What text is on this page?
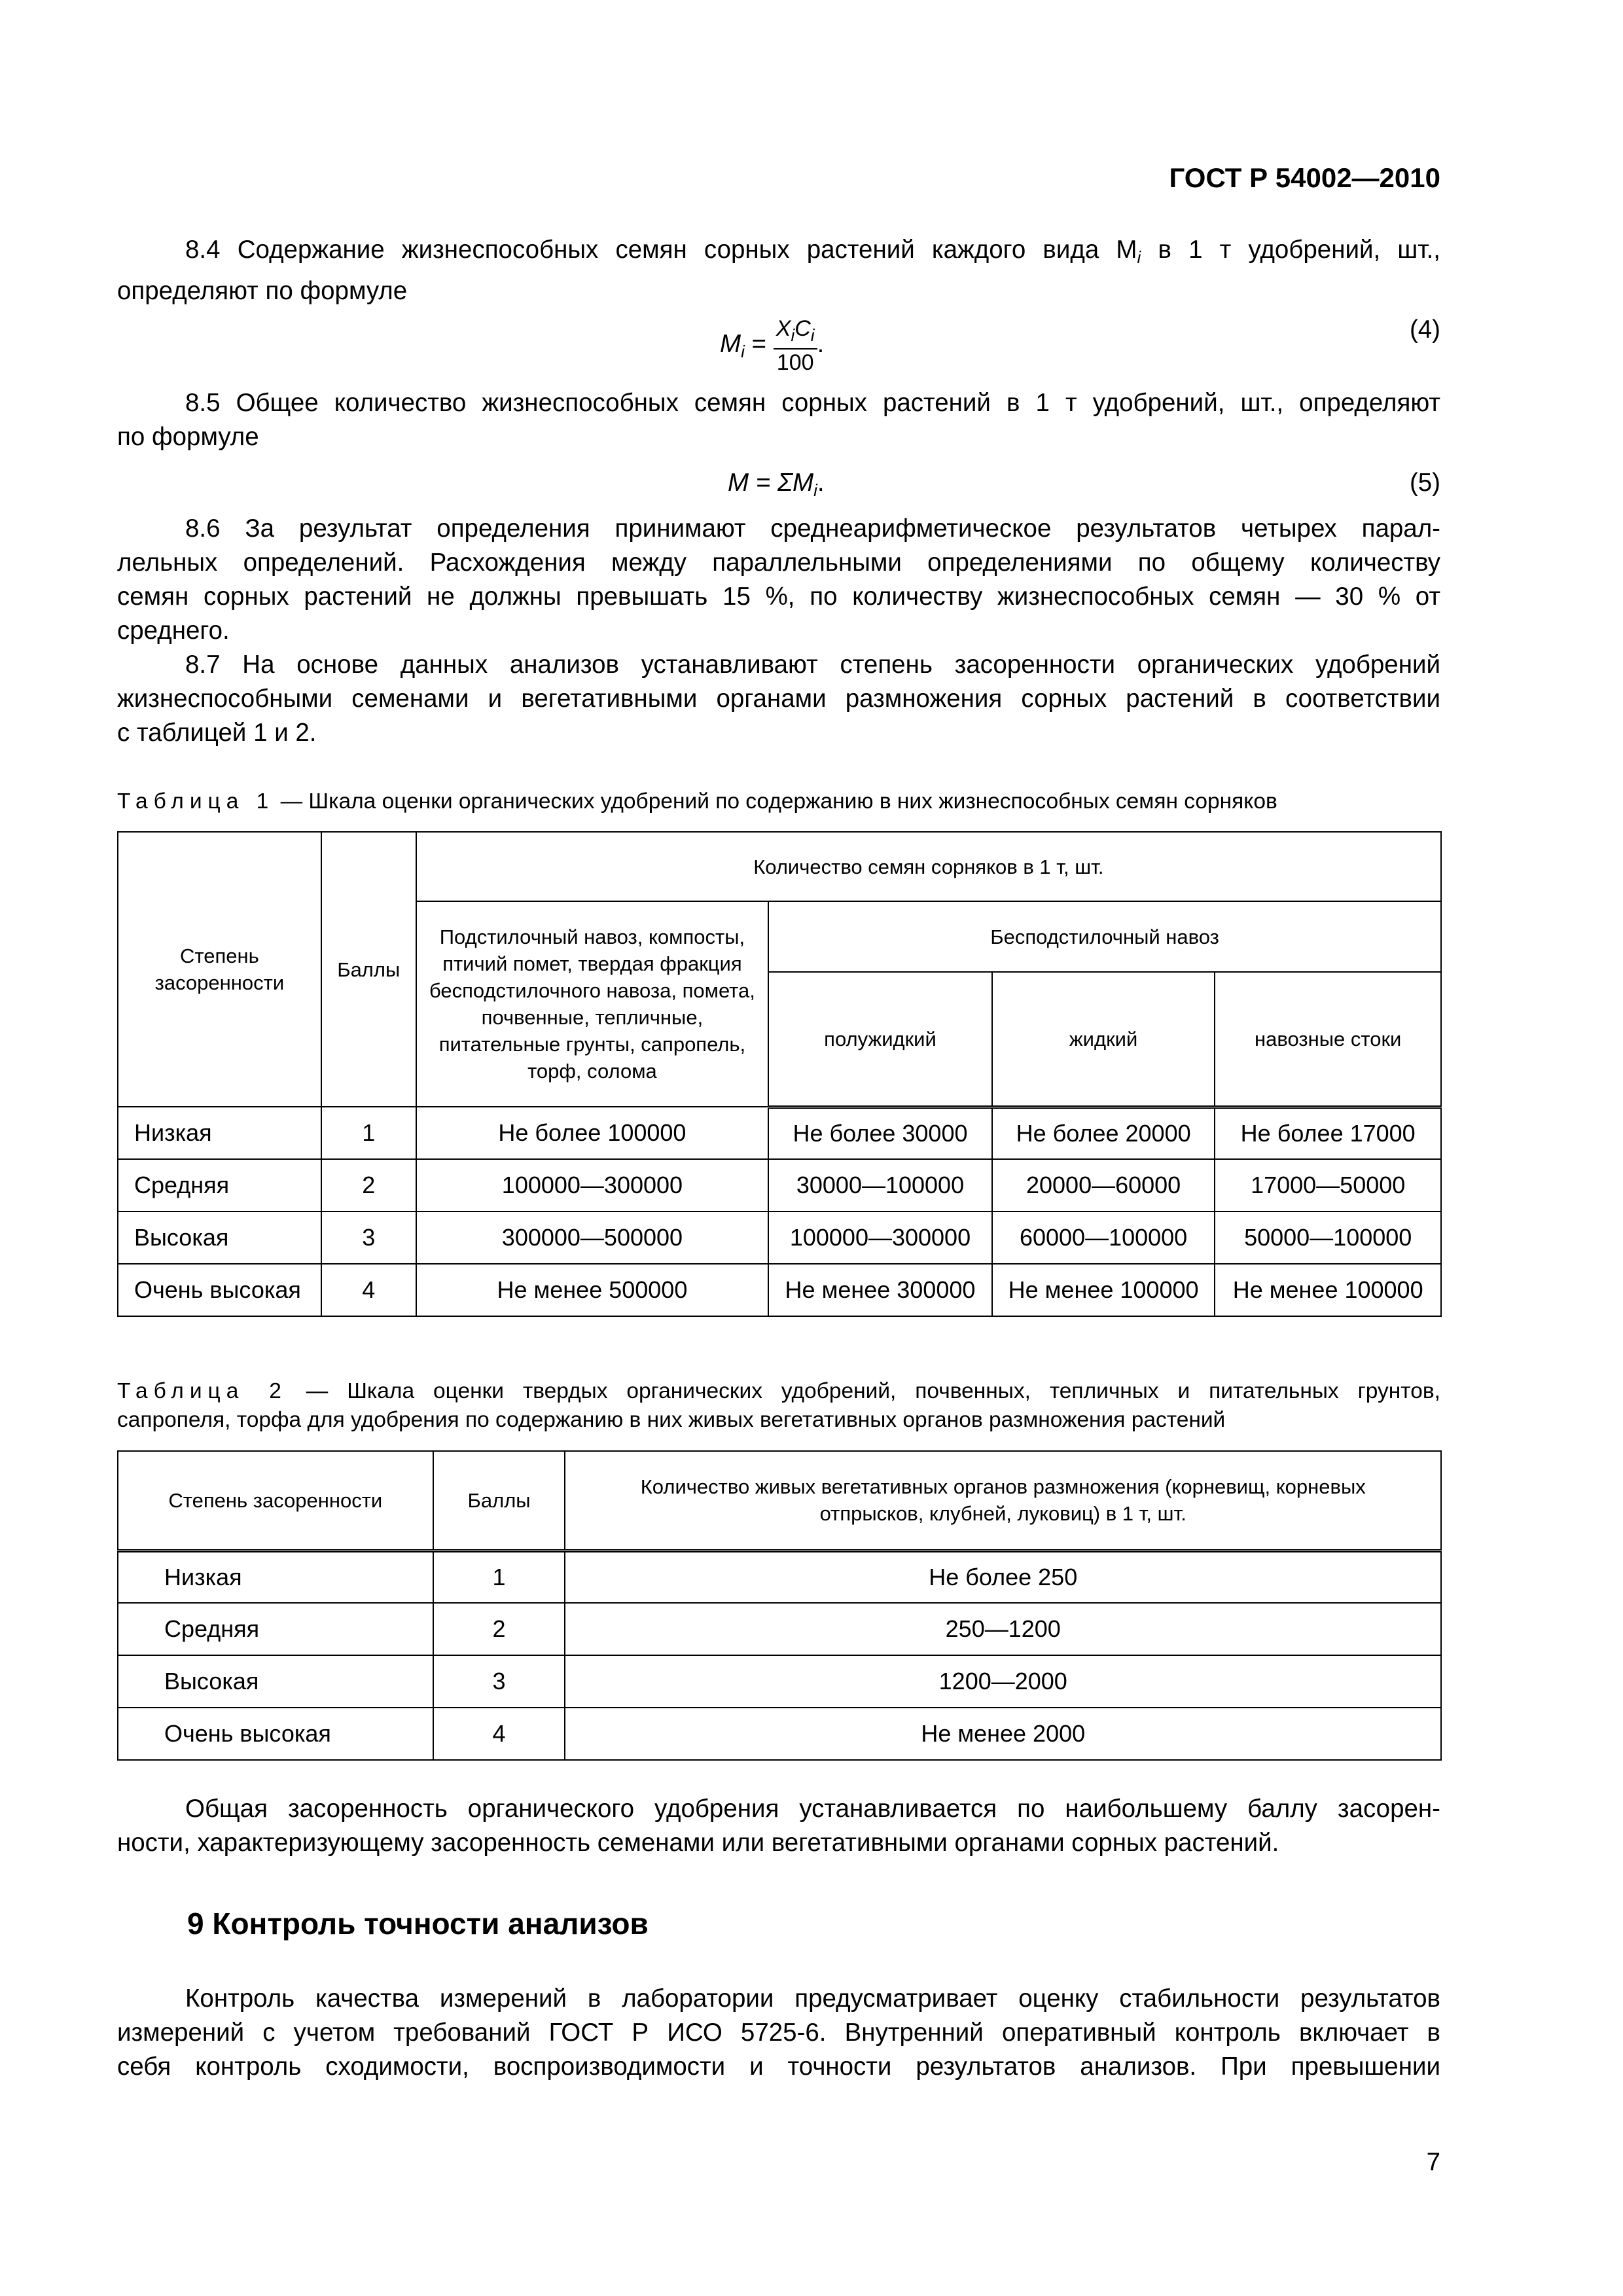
ГОСТ Р 54002—2010
8.4 Содержание жизнеспособных семян сорных растений каждого вида $M_i$ в 1 т удобрений, шт.,
определяют по формуле
$M_i = \frac{X_iC_i}{100}$ .
(4)
8.5 Общее количество жизнеспособных семян сорных растений в 1 т удобрений, шт., определяют
по формуле
$M = \Sigma M_i$.	(5)
8.6 За результат определения принимают среднеарифметическое результатов четырех парал-
лельных определений. Расхождения между параллельными определениями по общему количеству
семян сорных растений не должны превышать 15 %, по количеству жизнеспособных семян — 30 % от
среднего.
8.7 На основе данных анализов устанавливают степень засоренности органических удобрений
жизнеспособными семенами и вегетативными органами размножения сорных растений в соответствии
с таблицей 1 и 2.
Таблица 1 — Шкала оценки органических удобрений по содержанию в них жизнеспособных семян сорняков
Степень засоренности	Баллы	Количество семян сорняков в 1 т, шт.			
		Подстилочный навоз, компосты, птичий помет, твердая фракция бесподстилочного навоза, помета, почвенные, тепличные, питательные грунты, сапропель, торф, солома	Бесподстилочный навоз		
			полужидкий	жидкий	навозные стоки
Низкая	1	Не более 100000	Не более 30000	Не более 20000	Не более 17000
Средняя	2	100000—300000	30000—100000	20000—60000	17000—50000
Высокая	3	300000—500000	100000—300000	60000—100000	50000—100000
Очень высокая	4	Не менее 500000	Не менее 300000	Не менее 100000	Не менее 100000
Таблица 2 — Шкала оценки твердых органических удобрений, почвенных, тепличных и питательных грунтов,
сапропеля, торфа для удобрения по содержанию в них живых вегетативных органов размножения растений
Степень засоренности	Баллы	Количество живых вегетативных органов размножения (корневищ, корневых отпрысков, клубней, луковиц) в 1 т, шт.
Низкая	1	Не более 250
Средняя	2	250—1200
Высокая	3	1200—2000
Очень высокая	4	Не менее 2000
Общая засоренность органического удобрения устанавливается по наибольшему баллу засорен-
ности, характеризующему засоренность семенами или вегетативными органами сорных растений.
9 Контроль точности анализов
Контроль качества измерений в лаборатории предусматривает оценку стабильности результатов
измерений с учетом требований ГОСТ Р ИСО 5725-6. Внутренний оперативный контроль включает в
себя контроль сходимости, воспроизводимости и точности результатов анализов. При превышении
7
